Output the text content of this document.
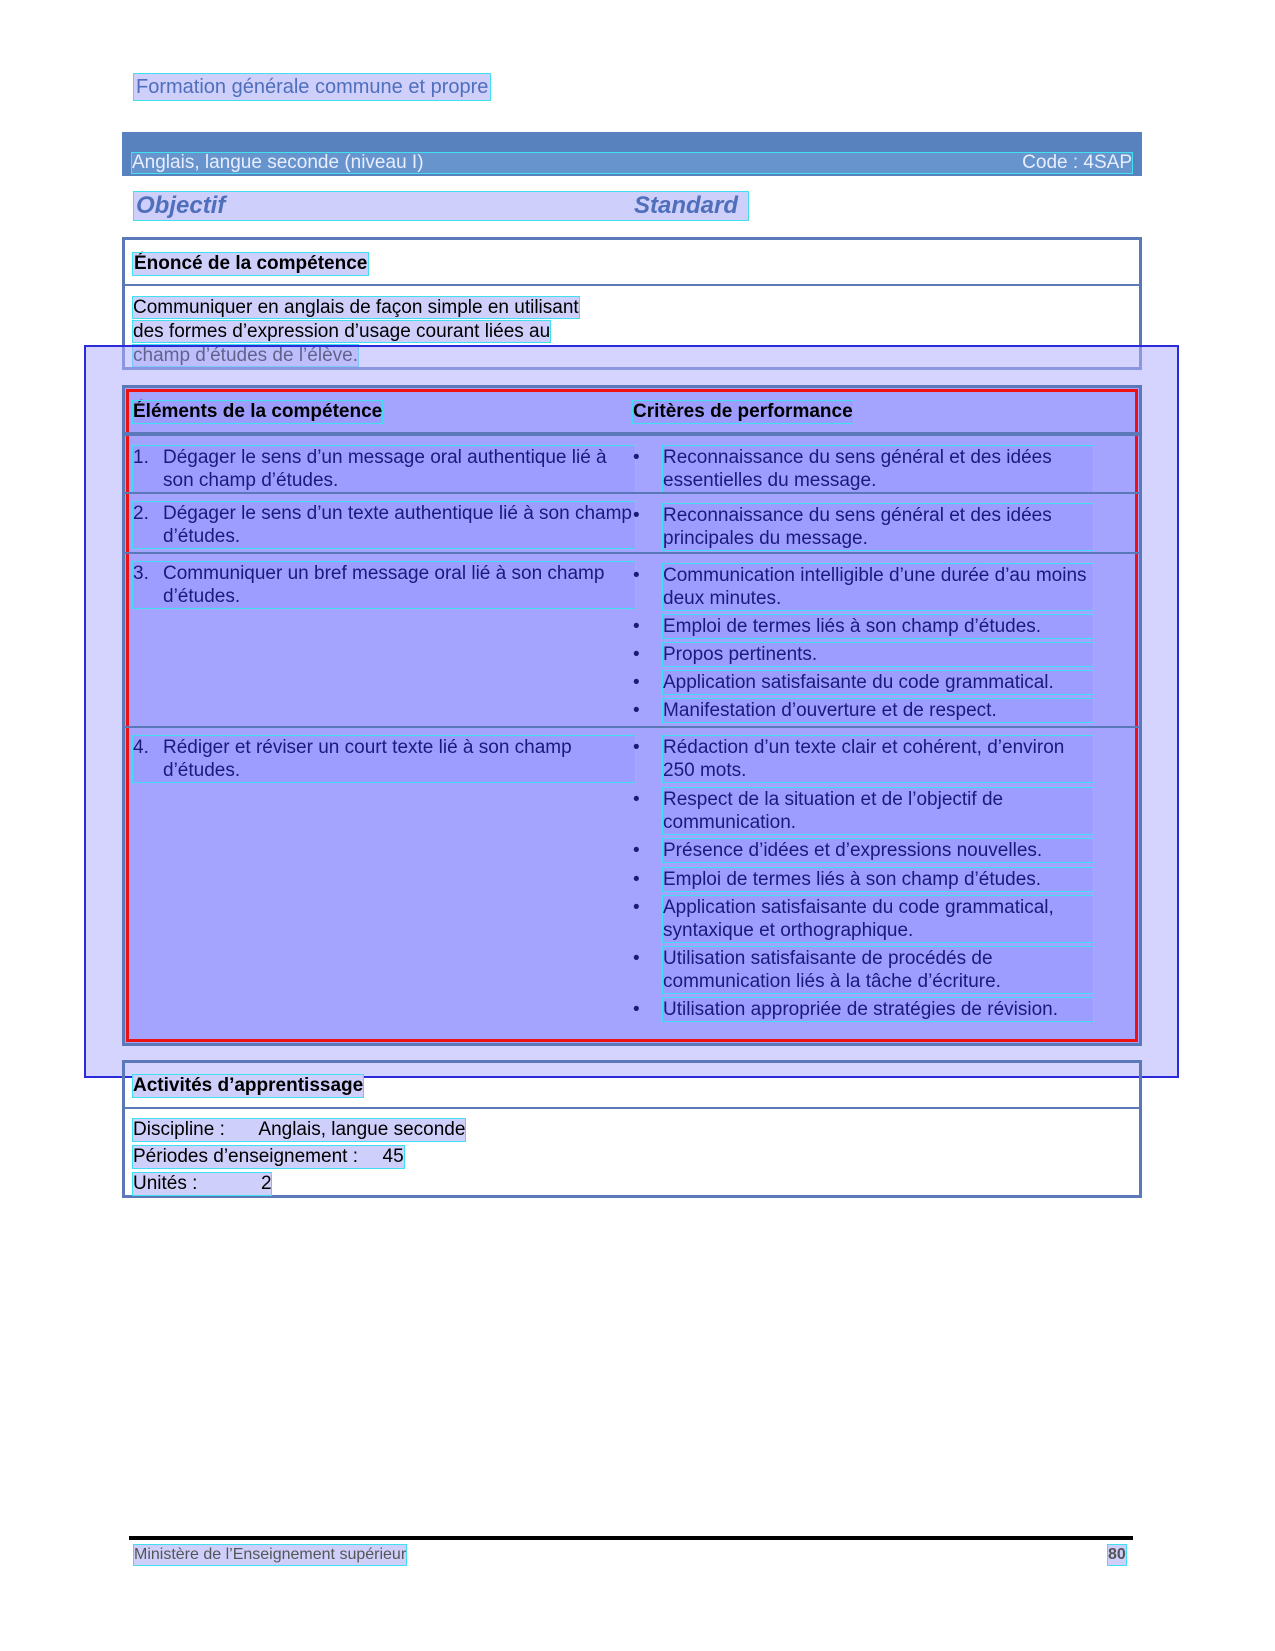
Formation générale commune et propre
Anglais, langue seconde (niveau I)	Code : 4SAP
Objectif	Standard
Énoncé de la compétence
Communiquer en anglais de façon simple en utilisant
des formes d’expression d’usage courant liées au
Éléments de la compétence	Critères de performance
1. Dégager le sens d’un message oral authentique lié à son champ d’études.
• Reconnaissance du sens général et des idées essentielles du message.
2. Dégager le sens d’un texte authentique lié à son champ d’études.
• Reconnaissance du sens général et des idées principales du message.
3. Communiquer un bref message oral lié à son champ d’études.
• Communication intelligible d’une durée d’au moins deux minutes.
• Emploi de termes liés à son champ d’études.
• Propos pertinents.
• Application satisfaisante du code grammatical.
• Manifestation d’ouverture et de respect.
4. Rédiger et réviser un court texte lié à son champ d’études.
• Rédaction d’un texte clair et cohérent, d’environ 250 mots.
• Respect de la situation et de l’objectif de communication.
• Présence d’idées et d’expressions nouvelles.
• Emploi de termes liés à son champ d’études.
• Application satisfaisante du code grammatical, syntaxique et orthographique.
• Utilisation satisfaisante de procédés de communication liés à la tâche d’écriture.
• Utilisation appropriée de stratégies de révision.
Activités d’apprentissage
Discipline : Anglais, langue seconde
Périodes d’enseignement : 45
Unités :	2
Ministère de l’Enseignement supérieur	80
